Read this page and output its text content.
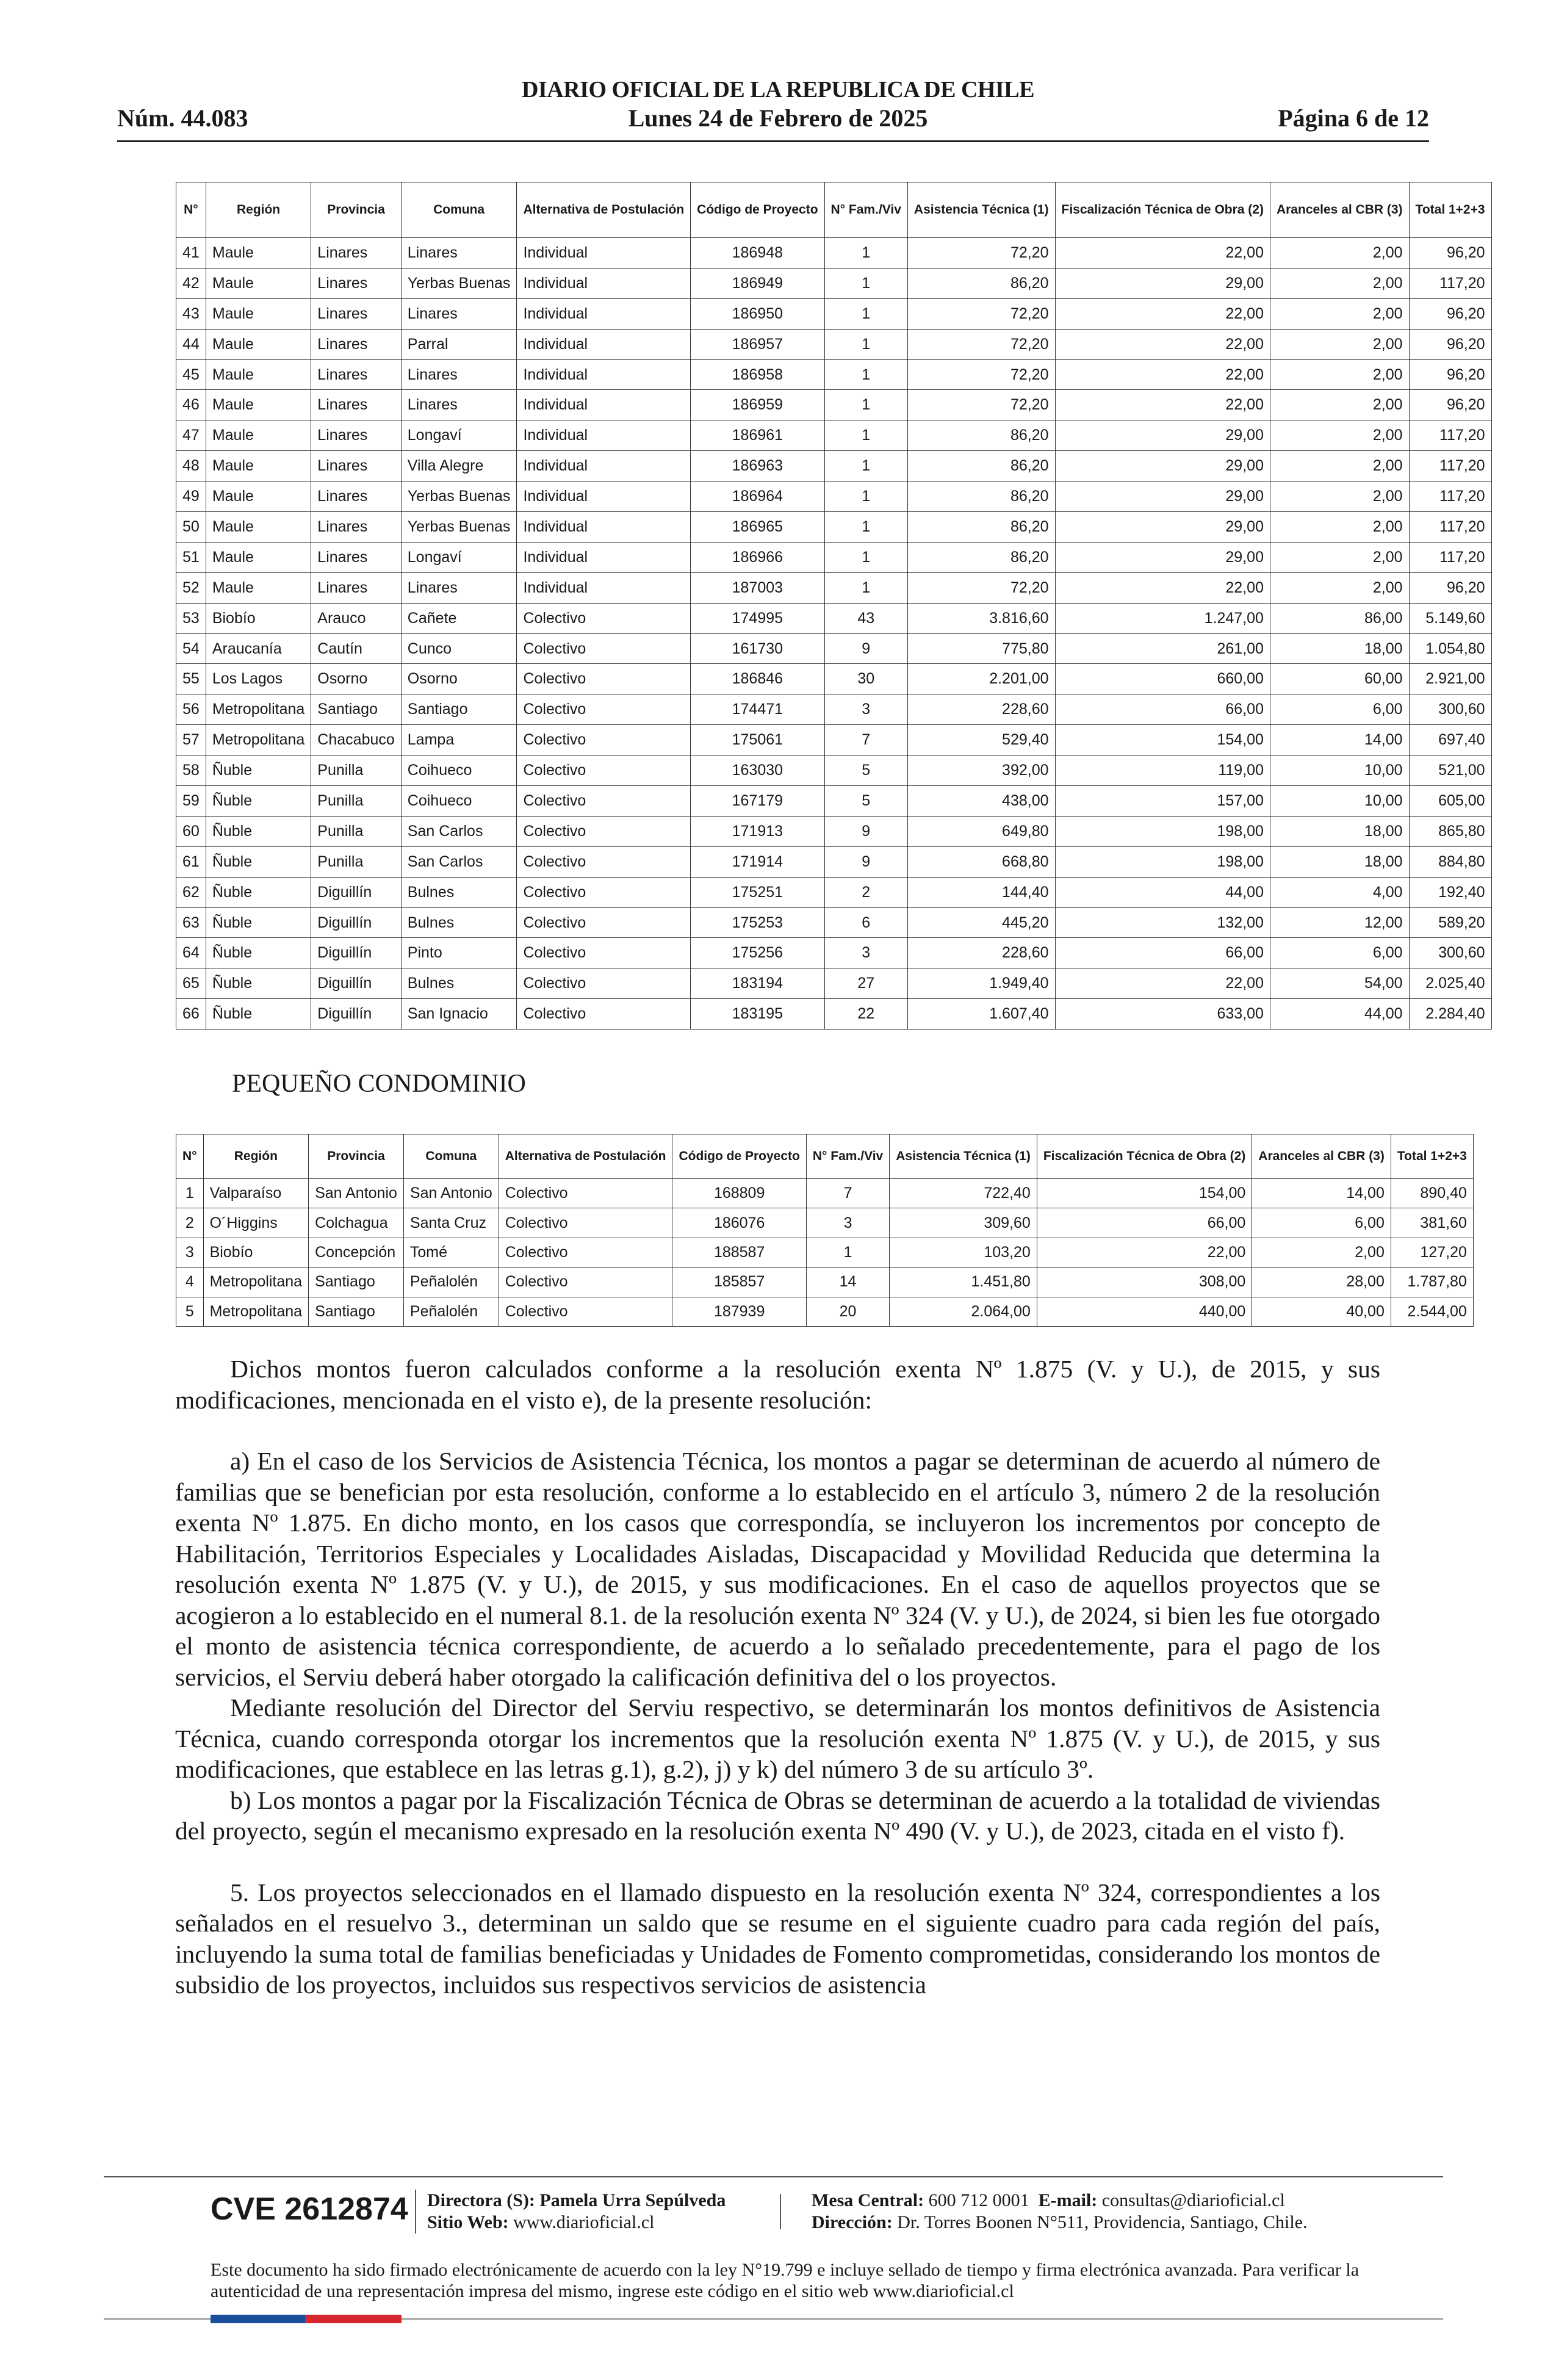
DIARIO OFICIAL DE LA REPUBLICA DE CHILE
Núm. 44.083	Lunes 24 de Febrero de 2025	Página 6 de 12
N°	Región	Provincia	Comuna	Alternativa de Postulación	Código de Proyecto	N° Fam./Viv	Asistencia Técnica (1)	Fiscalización Técnica de Obra (2)	Aranceles al CBR (3)	Total 1+2+3
41	Maule	Linares	Linares	Individual	186948	1	72,20	22,00	2,00	96,20
42	Maule	Linares	Yerbas Buenas	Individual	186949	1	86,20	29,00	2,00	117,20
43	Maule	Linares	Linares	Individual	186950	1	72,20	22,00	2,00	96,20
44	Maule	Linares	Parral	Individual	186957	1	72,20	22,00	2,00	96,20
45	Maule	Linares	Linares	Individual	186958	1	72,20	22,00	2,00	96,20
46	Maule	Linares	Linares	Individual	186959	1	72,20	22,00	2,00	96,20
47	Maule	Linares	Longaví	Individual	186961	1	86,20	29,00	2,00	117,20
48	Maule	Linares	Villa Alegre	Individual	186963	1	86,20	29,00	2,00	117,20
49	Maule	Linares	Yerbas Buenas	Individual	186964	1	86,20	29,00	2,00	117,20
50	Maule	Linares	Yerbas Buenas	Individual	186965	1	86,20	29,00	2,00	117,20
51	Maule	Linares	Longaví	Individual	186966	1	86,20	29,00	2,00	117,20
52	Maule	Linares	Linares	Individual	187003	1	72,20	22,00	2,00	96,20
53	Biobío	Arauco	Cañete	Colectivo	174995	43	3.816,60	1.247,00	86,00	5.149,60
54	Araucanía	Cautín	Cunco	Colectivo	161730	9	775,80	261,00	18,00	1.054,80
55	Los Lagos	Osorno	Osorno	Colectivo	186846	30	2.201,00	660,00	60,00	2.921,00
56	Metropolitana	Santiago	Santiago	Colectivo	174471	3	228,60	66,00	6,00	300,60
57	Metropolitana	Chacabuco	Lampa	Colectivo	175061	7	529,40	154,00	14,00	697,40
58	Ñuble	Punilla	Coihueco	Colectivo	163030	5	392,00	119,00	10,00	521,00
59	Ñuble	Punilla	Coihueco	Colectivo	167179	5	438,00	157,00	10,00	605,00
60	Ñuble	Punilla	San Carlos	Colectivo	171913	9	649,80	198,00	18,00	865,80
61	Ñuble	Punilla	San Carlos	Colectivo	171914	9	668,80	198,00	18,00	884,80
62	Ñuble	Diguillín	Bulnes	Colectivo	175251	2	144,40	44,00	4,00	192,40
63	Ñuble	Diguillín	Bulnes	Colectivo	175253	6	445,20	132,00	12,00	589,20
64	Ñuble	Diguillín	Pinto	Colectivo	175256	3	228,60	66,00	6,00	300,60
65	Ñuble	Diguillín	Bulnes	Colectivo	183194	27	1.949,40	22,00	54,00	2.025,40
66	Ñuble	Diguillín	San Ignacio	Colectivo	183195	22	1.607,40	633,00	44,00	2.284,40
PEQUEÑO CONDOMINIO
N°	Región	Provincia	Comuna	Alternativa de Postulación	Código de Proyecto	N° Fam./Viv	Asistencia Técnica (1)	Fiscalización Técnica de Obra (2)	Aranceles al CBR (3)	Total 1+2+3
1	Valparaíso	San Antonio	San Antonio	Colectivo	168809	7	722,40	154,00	14,00	890,40
2	O´Higgins	Colchagua	Santa Cruz	Colectivo	186076	3	309,60	66,00	6,00	381,60
3	Biobío	Concepción	Tomé	Colectivo	188587	1	103,20	22,00	2,00	127,20
4	Metropolitana	Santiago	Peñalolén	Colectivo	185857	14	1.451,80	308,00	28,00	1.787,80
5	Metropolitana	Santiago	Peñalolén	Colectivo	187939	20	2.064,00	440,00	40,00	2.544,00

Dichos montos fueron calculados conforme a la resolución exenta Nº 1.875 (V. y U.), de 2015, y sus modificaciones, mencionada en el visto e), de la presente resolución:

a) En el caso de los Servicios de Asistencia Técnica, los montos a pagar se determinan de acuerdo al número de familias que se benefician por esta resolución, conforme a lo establecido en el artículo 3, número 2 de la resolución exenta Nº 1.875. En dicho monto, en los casos que correspondía, se incluyeron los incrementos por concepto de Habilitación, Territorios Especiales y Localidades Aisladas, Discapacidad y Movilidad Reducida que determina la resolución exenta Nº 1.875 (V. y U.), de 2015, y sus modificaciones. En el caso de aquellos proyectos que se acogieron a lo establecido en el numeral 8.1. de la resolución exenta Nº 324 (V. y U.), de 2024, si bien les fue otorgado el monto de asistencia técnica correspondiente, de acuerdo a lo señalado precedentemente, para el pago de los servicios, el Serviu deberá haber otorgado la calificación definitiva del o los proyectos.

Mediante resolución del Director del Serviu respectivo, se determinarán los montos definitivos de Asistencia Técnica, cuando corresponda otorgar los incrementos que la resolución exenta Nº 1.875 (V. y U.), de 2015, y sus modificaciones, que establece en las letras g.1), g.2), j) y k) del número 3 de su artículo 3º.

b) Los montos a pagar por la Fiscalización Técnica de Obras se determinan de acuerdo a la totalidad de viviendas del proyecto, según el mecanismo expresado en la resolución exenta Nº 490 (V. y U.), de 2023, citada en el visto f).

5. Los proyectos seleccionados en el llamado dispuesto en la resolución exenta Nº 324, correspondientes a los señalados en el resuelvo 3., determinan un saldo que se resume en el siguiente cuadro para cada región del país, incluyendo la suma total de familias beneficiadas y Unidades de Fomento comprometidas, considerando los montos de subsidio de los proyectos, incluidos sus respectivos servicios de asistencia

CVE 2612874 Directora (S): Pamela Urra Sepúlveda
Sitio Web: www.diarioficial.cl
Mesa Central: 600 712 0001 E-mail: consultas@diarioficial.cl
Dirección: Dr. Torres Boonen N°511, Providencia, Santiago, Chile.
Este documento ha sido firmado electrónicamente de acuerdo con la ley N°19.799 e incluye sellado de tiempo y firma electrónica avanzada. Para verificar la autenticidad de una representación impresa del mismo, ingrese este código en el sitio web www.diarioficial.cl
